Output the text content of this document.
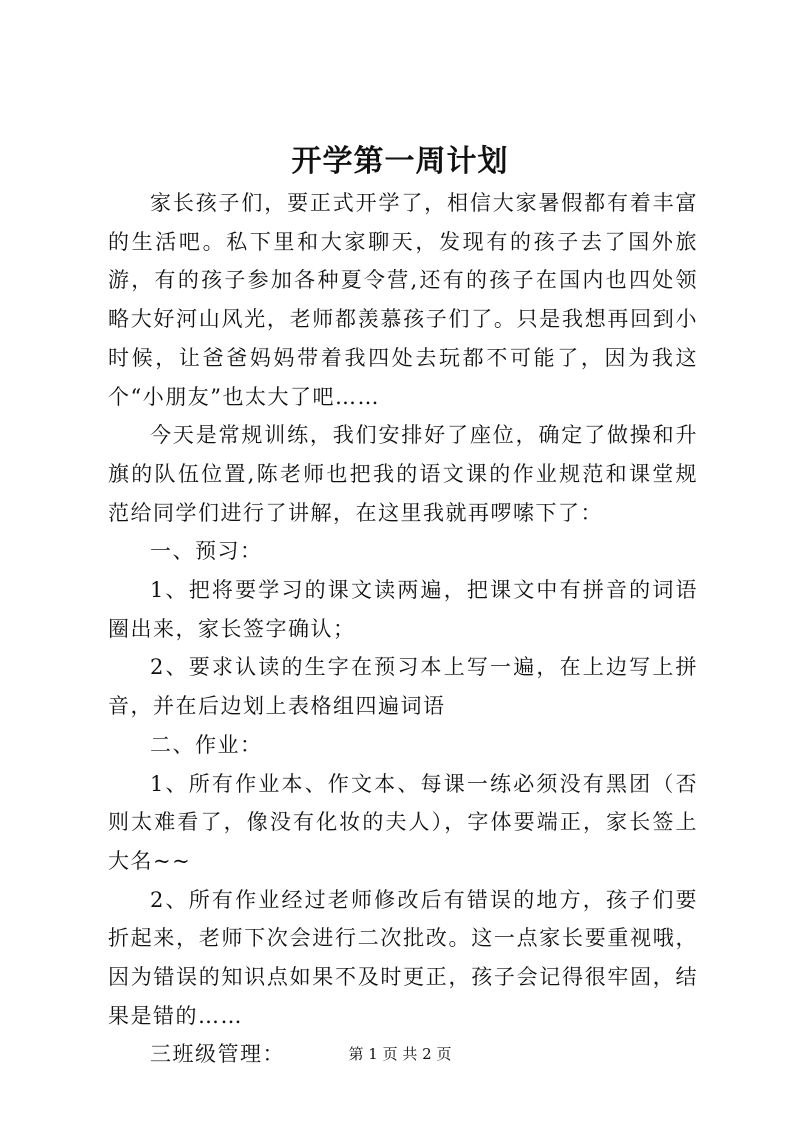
开学第一周计划

家长孩子们，要正式开学了，相信大家暑假都有着丰富的生活吧。私下里和大家聊天，发现有的孩子去了国外旅游，有的孩子参加各种夏令营,还有的孩子在国内也四处领略大好河山风光，老师都羡慕孩子们了。只是我想再回到小时候，让爸爸妈妈带着我四处去玩都不可能了，因为我这个“小朋友”也太大了吧……

今天是常规训练，我们安排好了座位，确定了做操和升旗的队伍位置,陈老师也把我的语文课的作业规范和课堂规范给同学们进行了讲解，在这里我就再啰嗦下了：

一、预习：

1、把将要学习的课文读两遍，把课文中有拼音的词语圈出来，家长签字确认；

2、要求认读的生字在预习本上写一遍，在上边写上拼音，并在后边划上表格组四遍词语

二、作业：

1、所有作业本、作文本、每课一练必须没有黑团（否则太难看了，像没有化妆的夫人），字体要端正，家长签上大名~~

2、所有作业经过老师修改后有错误的地方，孩子们要折起来，老师下次会进行二次批改。这一点家长要重视哦，因为错误的知识点如果不及时更正，孩子会记得很牢固，结果是错的……

三班级管理：	第 1 页 共 2 页
